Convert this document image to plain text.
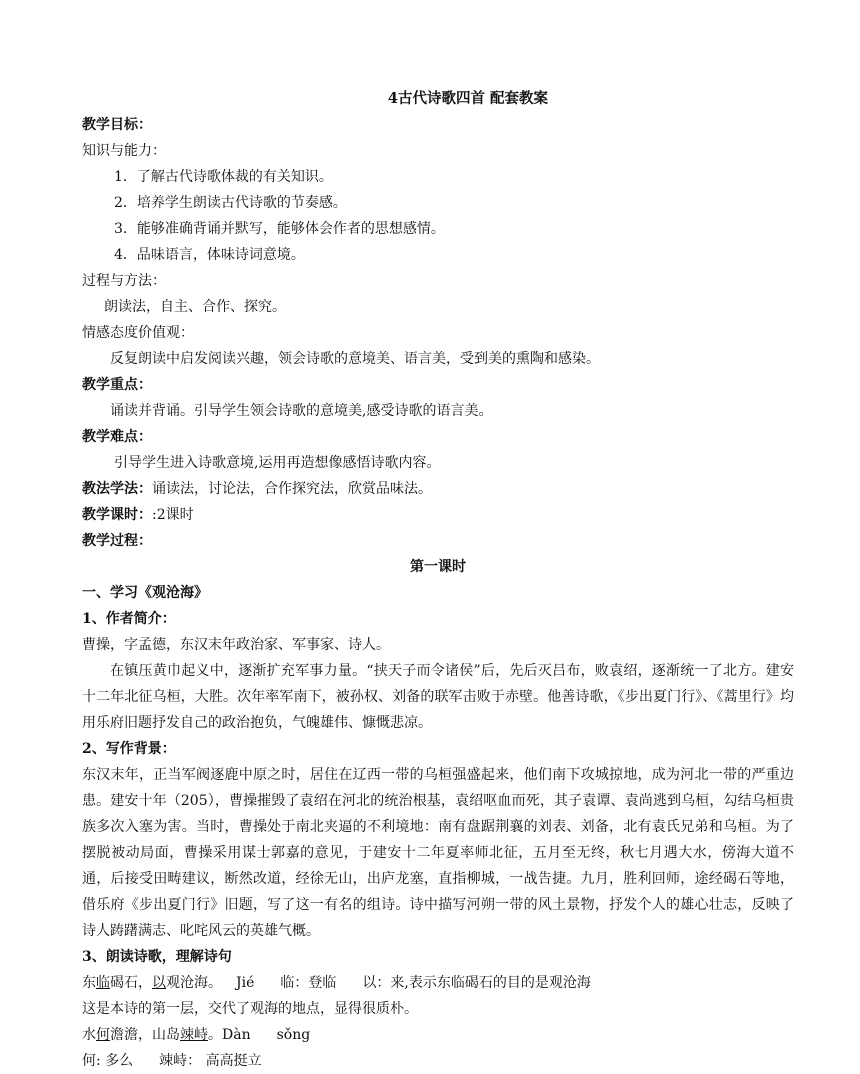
4古代诗歌四首 配套教案
教学目标：
知识与能力：
1．了解古代诗歌体裁的有关知识。
2．培养学生朗读古代诗歌的节奏感。
3．能够准确背诵并默写，能够体会作者的思想感情。
4．品味语言，体味诗词意境。
过程与方法：
朗读法，自主、合作、探究。
情感态度价值观：
反复朗读中启发阅读兴趣，领会诗歌的意境美、语言美，受到美的熏陶和感染。
教学重点：
诵读并背诵。引导学生领会诗歌的意境美,感受诗歌的语言美。
教学难点：
引导学生进入诗歌意境,运用再造想像感悟诗歌内容。
教法学法：诵读法，讨论法，合作探究法，欣赏品味法。
教学课时：:2课时
教学过程：
第一课时
一、学习《观沧海》
1、作者简介：
曹操，字孟德，东汉末年政治家、军事家、诗人。
在镇压黄巾起义中，逐渐扩充军事力量。“挟天子而令诸侯”后，先后灭吕布，败袁绍，逐渐统一了北方。建安十二年北征乌桓，大胜。次年率军南下，被孙权、刘备的联军击败于赤壁。他善诗歌，《步出夏门行》、《蒿里行》均用乐府旧题抒发自己的政治抱负，气魄雄伟、慷慨悲凉。
2、写作背景：
东汉末年，正当军阀逐鹿中原之时，居住在辽西一带的乌桓强盛起来，他们南下攻城掠地，成为河北一带的严重边患。建安十年（205），曹操摧毁了袁绍在河北的统治根基，袁绍呕血而死，其子袁谭、袁尚逃到乌桓，勾结乌桓贵族多次入塞为害。当时，曹操处于南北夹逼的不利境地：南有盘踞荆襄的刘表、刘备，北有袁氏兄弟和乌桓。为了摆脱被动局面，曹操采用谋士郭嘉的意见，于建安十二年夏率师北征，五月至无终，秋七月遇大水，傍海大道不通，后接受田畴建议，断然改道，经徐无山，出庐龙塞，直指柳城，一战告捷。九月，胜利回师，途经碣石等地，借乐府《步出夏门行》旧题，写了这一有名的组诗。诗中描写河朔一带的风土景物，抒发个人的雄心壮志，反映了诗人踌躇满志、叱咤风云的英雄气概。
3、朗读诗歌，理解诗句
东临碣石，以观沧海。 Jié 临：登临 以：来,表示东临碣石的目的是观沧海
这是本诗的第一层，交代了观海的地点，显得很质朴。
水何澹澹，山岛竦峙。Dàn sǒng
何: 多么 竦峙： 高高挺立
